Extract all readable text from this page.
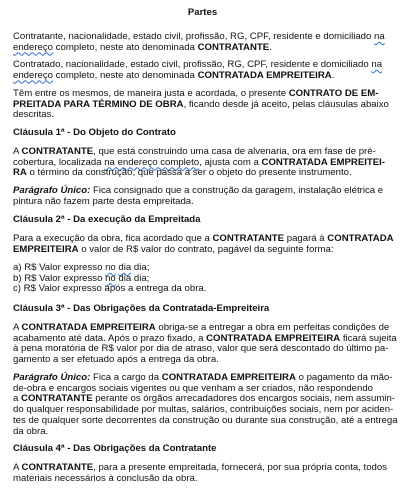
Partes
Contratante, nacionalidade, estado civil, profissão, RG, CPF, residente e domiciliado na
endereço completo, neste ato denominada CONTRATANTE.
Contratado, nacionalidade, estado civil, profissão, RG, CPF, residente e domiciliado na
endereço completo, neste ato denominada CONTRATADA EMPREITEIRA.
Têm entre os mesmos, de maneira justa e acordada, o presente CONTRATO DE EM-
PREITADA PARA TÉRMINO DE OBRA, ficando desde já aceito, pelas cláusulas abaixo
descritas.
Cláusula 1ª - Do Objeto do Contrato
A CONTRATANTE, que está construindo uma casa de alvenaria, ora em fase de pré-
cobertura, localizada na endereço completo, ajusta com a CONTRATADA EMPREITEI-
RA o término da construção, que passa a ser o objeto do presente instrumento.
Parágrafo Único: Fica consignado que a construção da garagem, instalação elétrica e
pintura não fazem parte desta empreitada.
Cláusula 2ª - Da execução da Empreitada
Para a execução da obra, fica acordado que a CONTRATANTE pagará à CONTRATADA
EMPREITEIRA o valor de R$ valor do contrato, pagável da seguinte forma:
a) R$ Valor expresso no dia dia;
b) R$ Valor expresso no dia dia;
c) R$ Valor expresso após a entrega da obra.
Cláusula 3ª - Das Obrigações da Contratada-Empreiteira
A CONTRATADA EMPREITEIRA obriga-se a entregar a obra em perfeitas condições de
acabamento até data. Após o prazo fixado, a CONTRATADA EMPREITEIRA ficará sujeita
à pena moratória de R$ valor por dia de atraso, valor que será descontado do último pa-
gamento a ser efetuado após a entrega da obra.
Parágrafo Único: Fica a cargo da CONTRATADA EMPREITEIRA o pagamento da mão-
de-obra e encargos sociais vigentes ou que venham a ser criados, não respondendo
a CONTRATANTE perante os órgãos arrecadadores dos encargos sociais, nem assumin-
do qualquer responsabilidade por multas, salários, contribuições sociais, nem por aciden-
tes de qualquer sorte decorrentes da construção ou durante sua construção, até a entrega
da obra.
Cláusula 4ª - Das Obrigações da Contratante
A CONTRATANTE, para a presente empreitada, fornecerá, por sua própria conta, todos
materiais necessários à conclusão da obra.
